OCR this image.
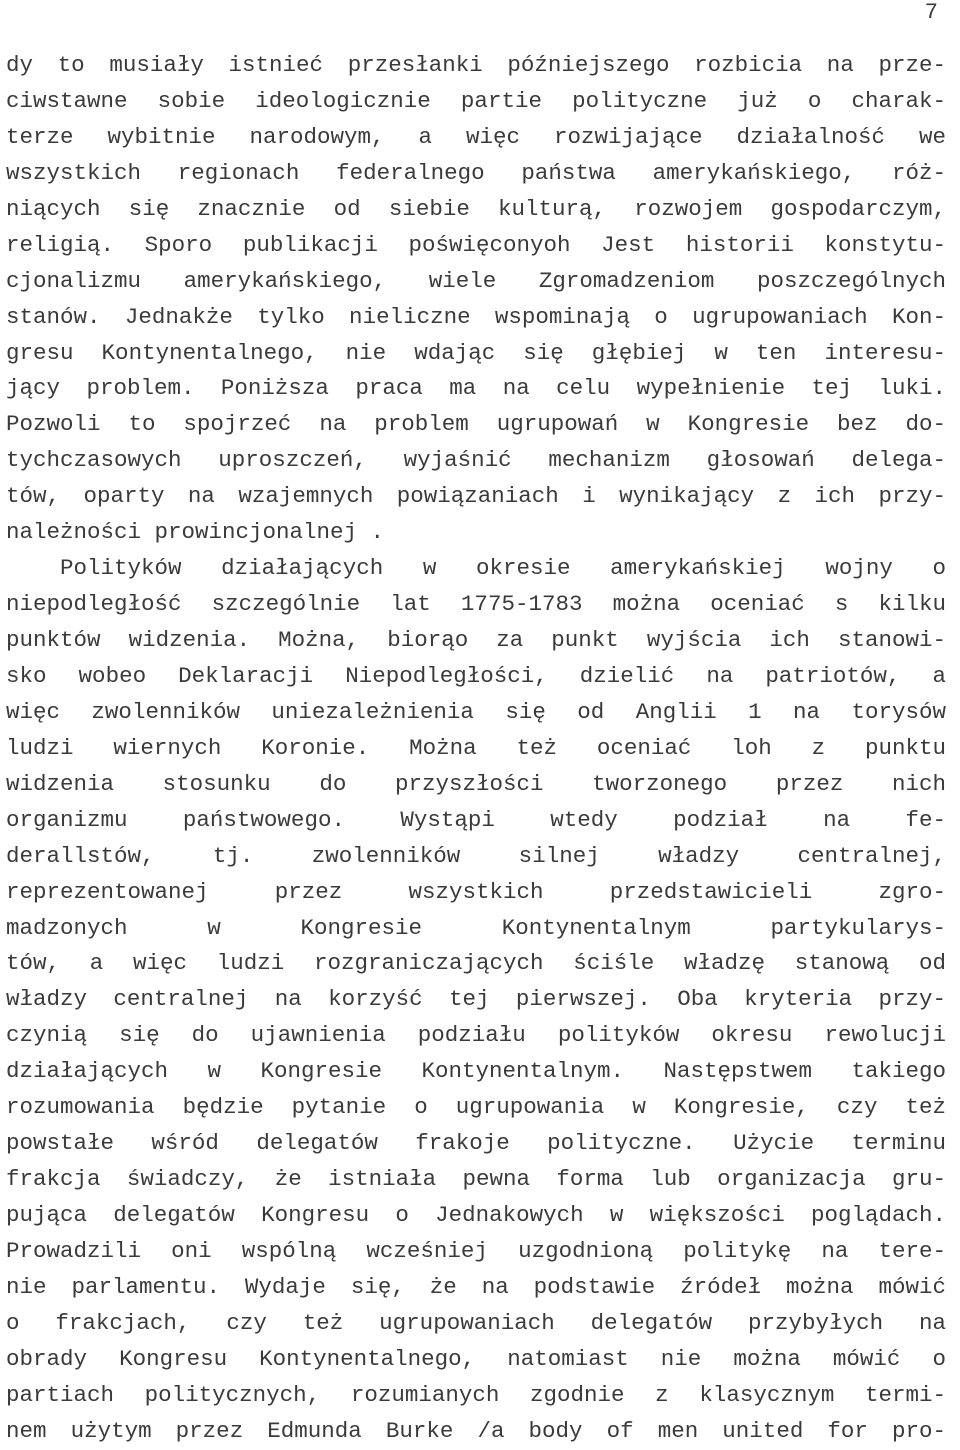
7
dy to musiały istnieć przesłanki późniejszego rozbicia na prze-
ciwstawne sobie ideologicznie partie polityczne już o charak-
terze wybitnie narodowym, a więc rozwijające działalność we
wszystkich regionach federalnego państwa amerykańskiego, róż-
niących się znacznie od siebie kulturą, rozwojem gospodarczym,
religią. Sporo publikacji poświęconyoh Jest historii konstytu-
cjonalizmu amerykańskiego, wiele Zgromadzeniom poszczególnych
stanów. Jednakże tylko nieliczne wspominają o ugrupowaniach Kon-
gresu Kontynentalnego, nie wdając się głębiej w ten interesu-
jący problem. Poniższa praca ma na celu wypełnienie tej luki.
Pozwoli to spojrzeć na problem ugrupowań w Kongresie bez do-
tychczasowych uproszczeń, wyjaśnić mechanizm głosowań delega-
tów, oparty na wzajemnych powiązaniach i wynikający z ich przy-
należności prowincjonalnej .
Polityków działających w okresie amerykańskiej wojny o
niepodległość szczególnie lat 1775-1783 można oceniać s kilku
punktów widzenia. Można, biorąo za punkt wyjścia ich stanowi-
sko wobeo Deklaracji Niepodległości, dzielić na patriotów, a
więc zwolenników uniezależnienia się od Anglii 1 na torysów
ludzi wiernych Koronie. Można też oceniać loh z punktu
widzenia stosunku do przyszłości tworzonego przez nich
organizmu państwowego. Wystąpi wtedy podział na fe-
derallstów, tj. zwolenników silnej władzy centralnej,
reprezentowanej przez wszystkich przedstawicieli zgro-
madzonych w Kongresie Kontynentalnym partykularys-
tów, a więc ludzi rozgraniczających ściśle władzę stanową od
władzy centralnej na korzyść tej pierwszej. Oba kryteria przy-
czynią się do ujawnienia podziału polityków okresu rewolucji
działających w Kongresie Kontynentalnym. Następstwem takiego
rozumowania będzie pytanie o ugrupowania w Kongresie, czy też
powstałe wśród delegatów frakoje polityczne. Użycie terminu
frakcja świadczy, że istniała pewna forma lub organizacja gru-
pująca delegatów Kongresu o Jednakowych w większości poglądach.
Prowadzili oni wspólną wcześniej uzgodnioną politykę na tere-
nie parlamentu. Wydaje się, że na podstawie źródeł można mówić
o frakcjach, czy też ugrupowaniach delegatów przybyłych na
obrady Kongresu Kontynentalnego, natomiast nie można mówić o
partiach politycznych, rozumianych zgodnie z klasycznym termi-
nem użytym przez Edmunda Burke /a body of men united for pro-
